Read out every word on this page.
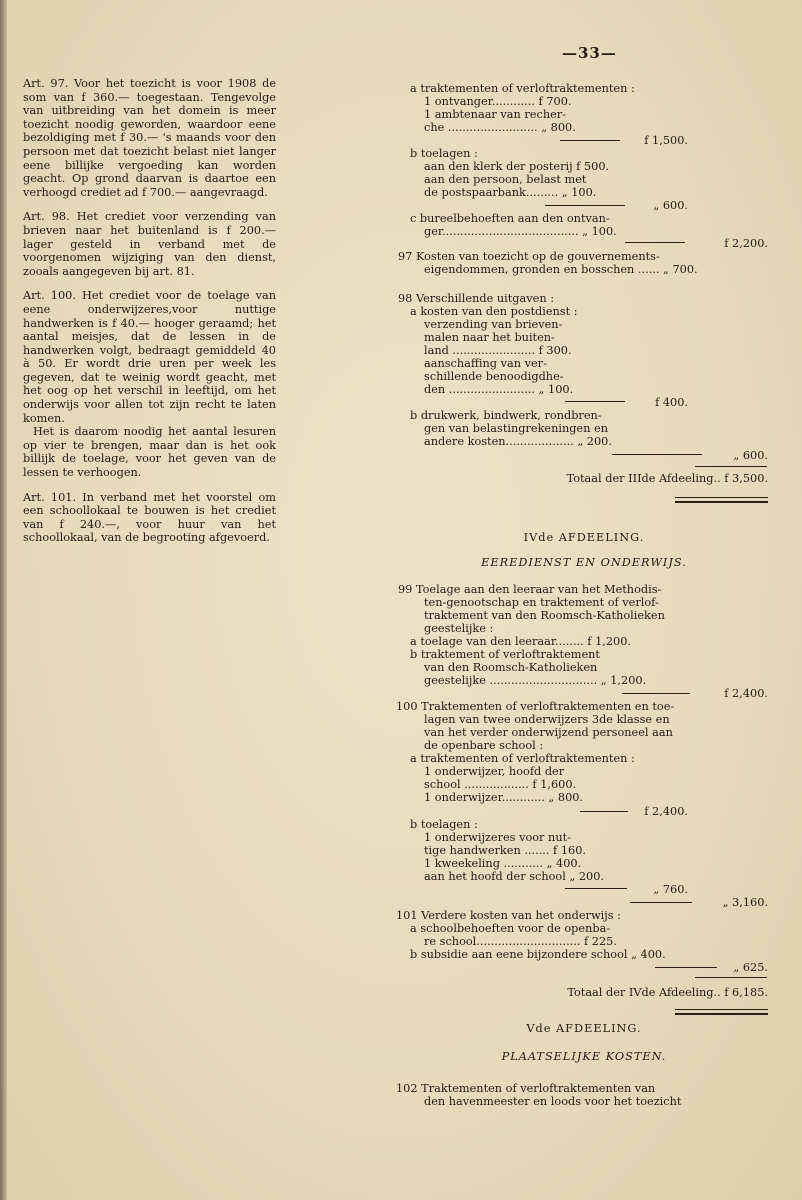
—33—

Art. 97. Voor het toezicht is voor 1908 de som van f 360.— toegestaan. Tengevolge van uitbreiding van het domein is meer toezicht noodig geworden, waardoor eene bezoldiging met f 30.— 's maands voor den persoon met dat toezicht belast niet langer eene billijke vergoeding kan worden geacht. Op grond daarvan is daartoe een verhoogd crediet ad f 700.— aangevraagd.

Art. 98. Het crediet voor verzending van brieven naar het buitenland is f 200.— lager gesteld in verband met de voorgenomen wijziging van den dienst, zooals aangegeven bij art. 81.

Art. 100. Het crediet voor de toelage van eene onderwijzeres,voor nuttige handwerken is f 40.— hooger geraamd; het aantal meisjes, dat de lessen in de handwerken volgt, bedraagt gemiddeld 40 à 50. Er wordt drie uren per week les gegeven, dat te weinig wordt geacht, met het oog op het verschil in leeftijd, om het onderwijs voor allen tot zijn recht te laten komen.

Het is daarom noodig het aantal lesuren op vier te brengen, maar dan is het ook billijk de toelage, voor het geven van de lessen te verhoogen.

Art. 101. In verband met het voorstel om een schoollokaal te bouwen is het crediet van f 240.—, voor huur van het schoollokaal, van de begrooting afgevoerd.

a traktementen of verloftraktementen :
1 ontvanger............ f 700.
1 ambtenaar van recher-
che ......................... „ 800.
f 1,500.
b toelagen :
aan den klerk der posterij f 500.
aan den persoon, belast met
de postspaarbank......... „ 100.
„ 600.
c bureelbehoeften aan den ontvan-
ger...................................... „ 100.
f 2,200.
97 Kosten van toezicht op de gouvernements-
eigendommen, gronden en bosschen ...... „ 700.
98 Verschillende uitgaven :
a kosten van den postdienst :
verzending van brieven-
malen naar het buiten-
land ....................... f 300.
aanschaffing van ver-
schillende benoodigdhe-
den ........................ „ 100.
f 400.
b drukwerk, bindwerk, rondbren-
gen van belastingrekeningen en
andere kosten................... „ 200.
„ 600.
Totaal der IIIde Afdeeling.. f 3,500.
IVde AFDEELING.
EEREDIENST EN ONDERWIJS.
99 Toelage aan den leeraar van het Methodis-
ten-genootschap en traktement of verlof-
traktement van den Roomsch-Katholieken
geestelijke :
a toelage van den leeraar........ f 1,200.
b traktement of verloftraktement
van den Roomsch-Katholieken
geestelijke .............................. „ 1,200.
f 2,400.
100 Traktementen of verloftraktementen en toe-
lagen van twee onderwijzers 3de klasse en
van het verder onderwijzend personeel aan
de openbare school :
a traktementen of verloftraktementen :
1 onderwijzer, hoofd der
school .................. f 1,600.
1 onderwijzer............ „ 800.
f 2,400.
b toelagen :
1 onderwijzeres voor nut-
tige handwerken ....... f 160.
1 kweekeling ........... „ 400.
aan het hoofd der school „ 200.
„ 760.
„ 3,160.
101 Verdere kosten van het onderwijs :
a schoolbehoeften voor de openba-
re school............................. f 225.
b subsidie aan eene bijzondere school „ 400.
„ 625.
Totaal der IVde Afdeeling.. f 6,185.
Vde AFDEELING.
PLAATSELIJKE KOSTEN.
102 Traktementen of verloftraktementen van
den havenmeester en loods voor het toezicht
